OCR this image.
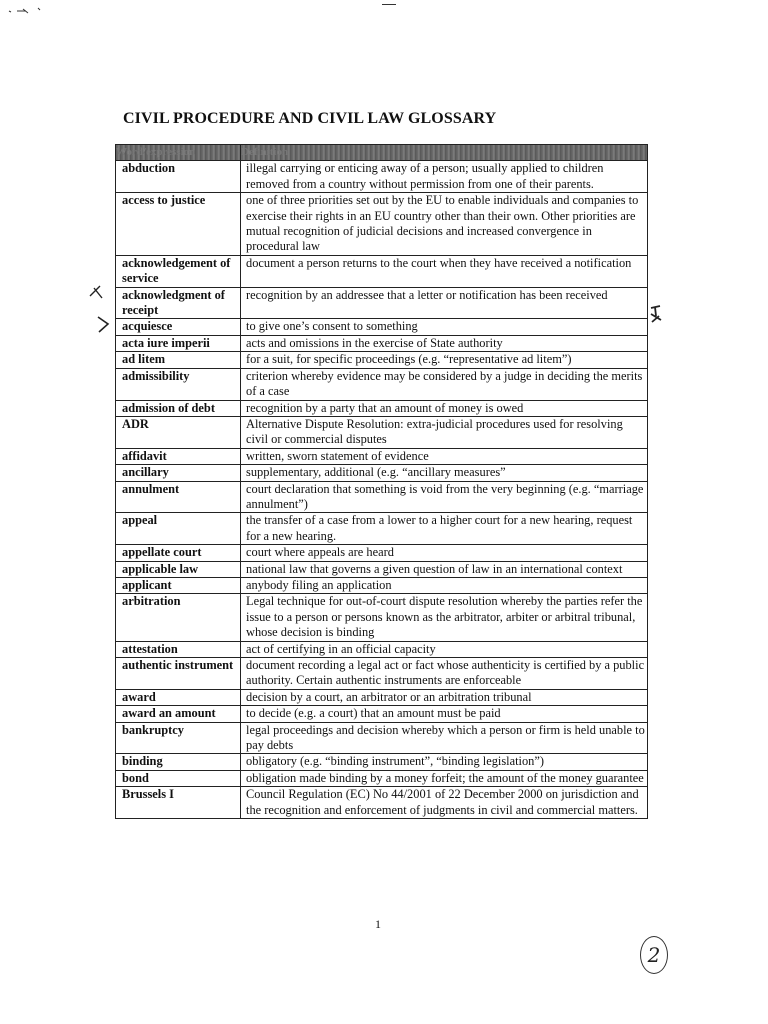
CIVIL PROCEDURE AND CIVIL LAW GLOSSARY
Word/expression	Definition
abduction	illegal carrying or enticing away of a person; usually applied to children removed from a country without permission from one of their parents.
access to justice	one of three priorities set out by the EU to enable individuals and companies to exercise their rights in an EU country other than their own. Other priorities are mutual recognition of judicial decisions and increased convergence in procedural law
acknowledgement of service	document a person returns to the court when they have received a notification
acknowledgment of receipt	recognition by an addressee that a letter or notification has been received
acquiesce	to give one’s consent to something
acta iure imperii	acts and omissions in the exercise of State authority
ad litem	for a suit, for specific proceedings (e.g. “representative ad litem”)
admissibility	criterion whereby evidence may be considered by a judge in deciding the merits of a case
admission of debt	recognition by a party that an amount of money is owed
ADR	Alternative Dispute Resolution: extra-judicial procedures used for resolving civil or commercial disputes
affidavit	written, sworn statement of evidence
ancillary	supplementary, additional (e.g. “ancillary measures”
annulment	court declaration that something is void from the very beginning (e.g. “marriage annulment”)
appeal	the transfer of a case from a lower to a higher court for a new hearing, request for a new hearing.
appellate court	court where appeals are heard
applicable law	national law that governs a given question of law in an international context
applicant	anybody filing an application
arbitration	Legal technique for out-of-court dispute resolution whereby the parties refer the issue to a person or persons known as the arbitrator, arbiter or arbitral tribunal, whose decision is binding
attestation	act of certifying in an official capacity
authentic instrument	document recording a legal act or fact whose authenticity is certified by a public authority. Certain authentic instruments are enforceable
award	decision by a court, an arbitrator or an arbitration tribunal
award an amount	to decide (e.g. a court) that an amount must be paid
bankruptcy	legal proceedings and decision whereby which a person or firm is held unable to pay debts
binding	obligatory (e.g. “binding instrument”, “binding legislation”)
bond	obligation made binding by a money forfeit; the amount of the money guarantee
Brussels I	Council Regulation (EC) No 44/2001 of 22 December 2000 on jurisdiction and the recognition and enforcement of judgments in civil and commercial matters.
1
2
